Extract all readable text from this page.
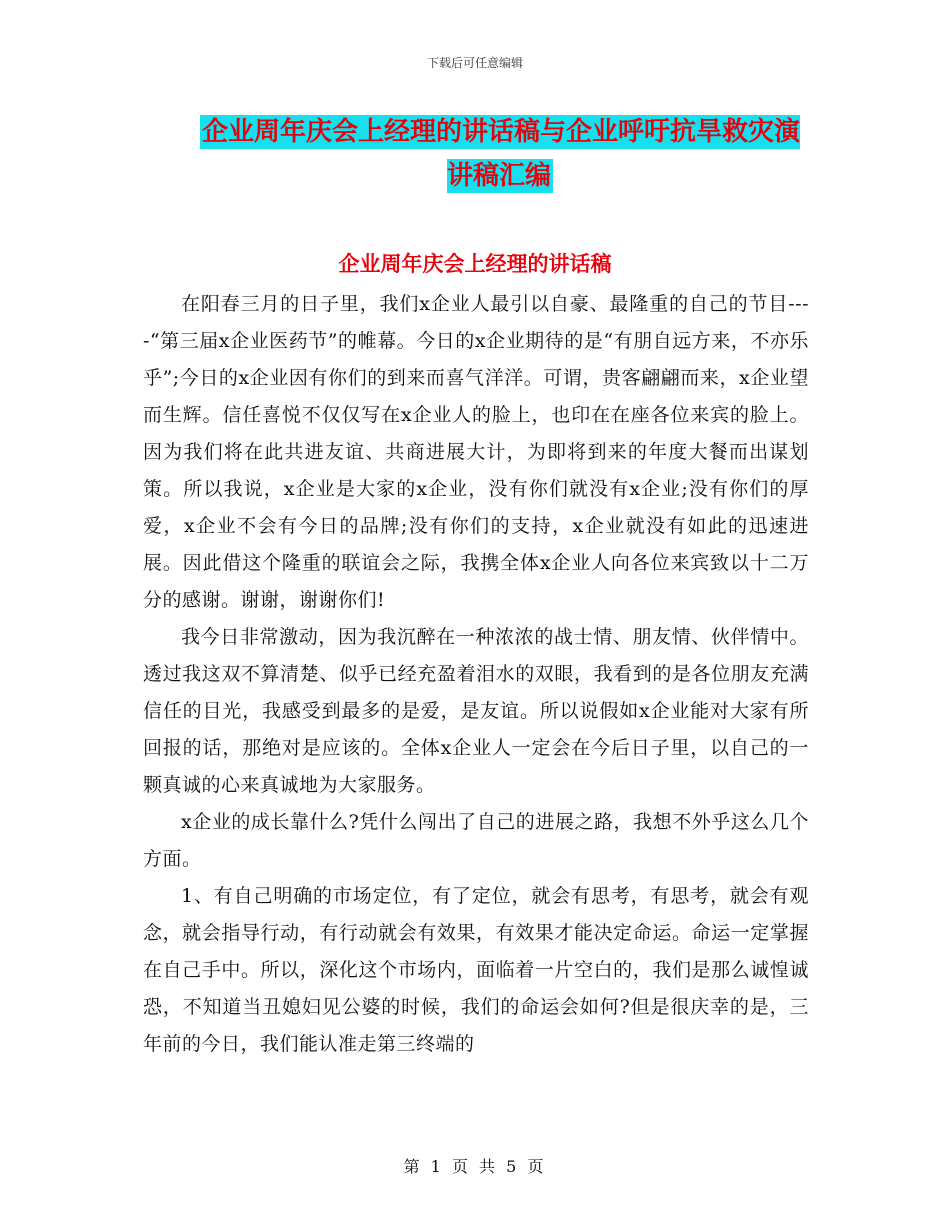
下载后可任意编辑
企业周年庆会上经理的讲话稿与企业呼吁抗旱救灾演讲稿汇编
企业周年庆会上经理的讲话稿

在阳春三月的日子里，我们x企业人最引以自豪、最隆重的自己的节目----“第三届x企业医药节”的帷幕。今日的x企业期待的是“有朋自远方来，不亦乐乎”;今日的x企业因有你们的到来而喜气洋洋。可谓，贵客翩翩而来，x企业望而生辉。信任喜悦不仅仅写在x企业人的脸上，也印在在座各位来宾的脸上。因为我们将在此共进友谊、共商进展大计，为即将到来的年度大餐而出谋划策。所以我说，x企业是大家的x企业，没有你们就没有x企业;没有你们的厚爱，x企业不会有今日的品牌;没有你们的支持，x企业就没有如此的迅速进展。因此借这个隆重的联谊会之际，我携全体x企业人向各位来宾致以十二万分的感谢。谢谢，谢谢你们!

我今日非常激动，因为我沉醉在一种浓浓的战士情、朋友情、伙伴情中。透过我这双不算清楚、似乎已经充盈着泪水的双眼，我看到的是各位朋友充满信任的目光，我感受到最多的是爱，是友谊。所以说假如x企业能对大家有所回报的话，那绝对是应该的。全体x企业人一定会在今后日子里，以自己的一颗真诚的心来真诚地为大家服务。

x企业的成长靠什么?凭什么闯出了自己的进展之路，我想不外乎这么几个方面。

1、有自己明确的市场定位，有了定位，就会有思考，有思考，就会有观念，就会指导行动，有行动就会有效果，有效果才能决定命运。命运一定掌握在自己手中。所以，深化这个市场内，面临着一片空白的，我们是那么诚惶诚恐，不知道当丑媳妇见公婆的时候，我们的命运会如何?但是很庆幸的是，三年前的今日，我们能认准走第三终端的

第 1 页 共 5 页
